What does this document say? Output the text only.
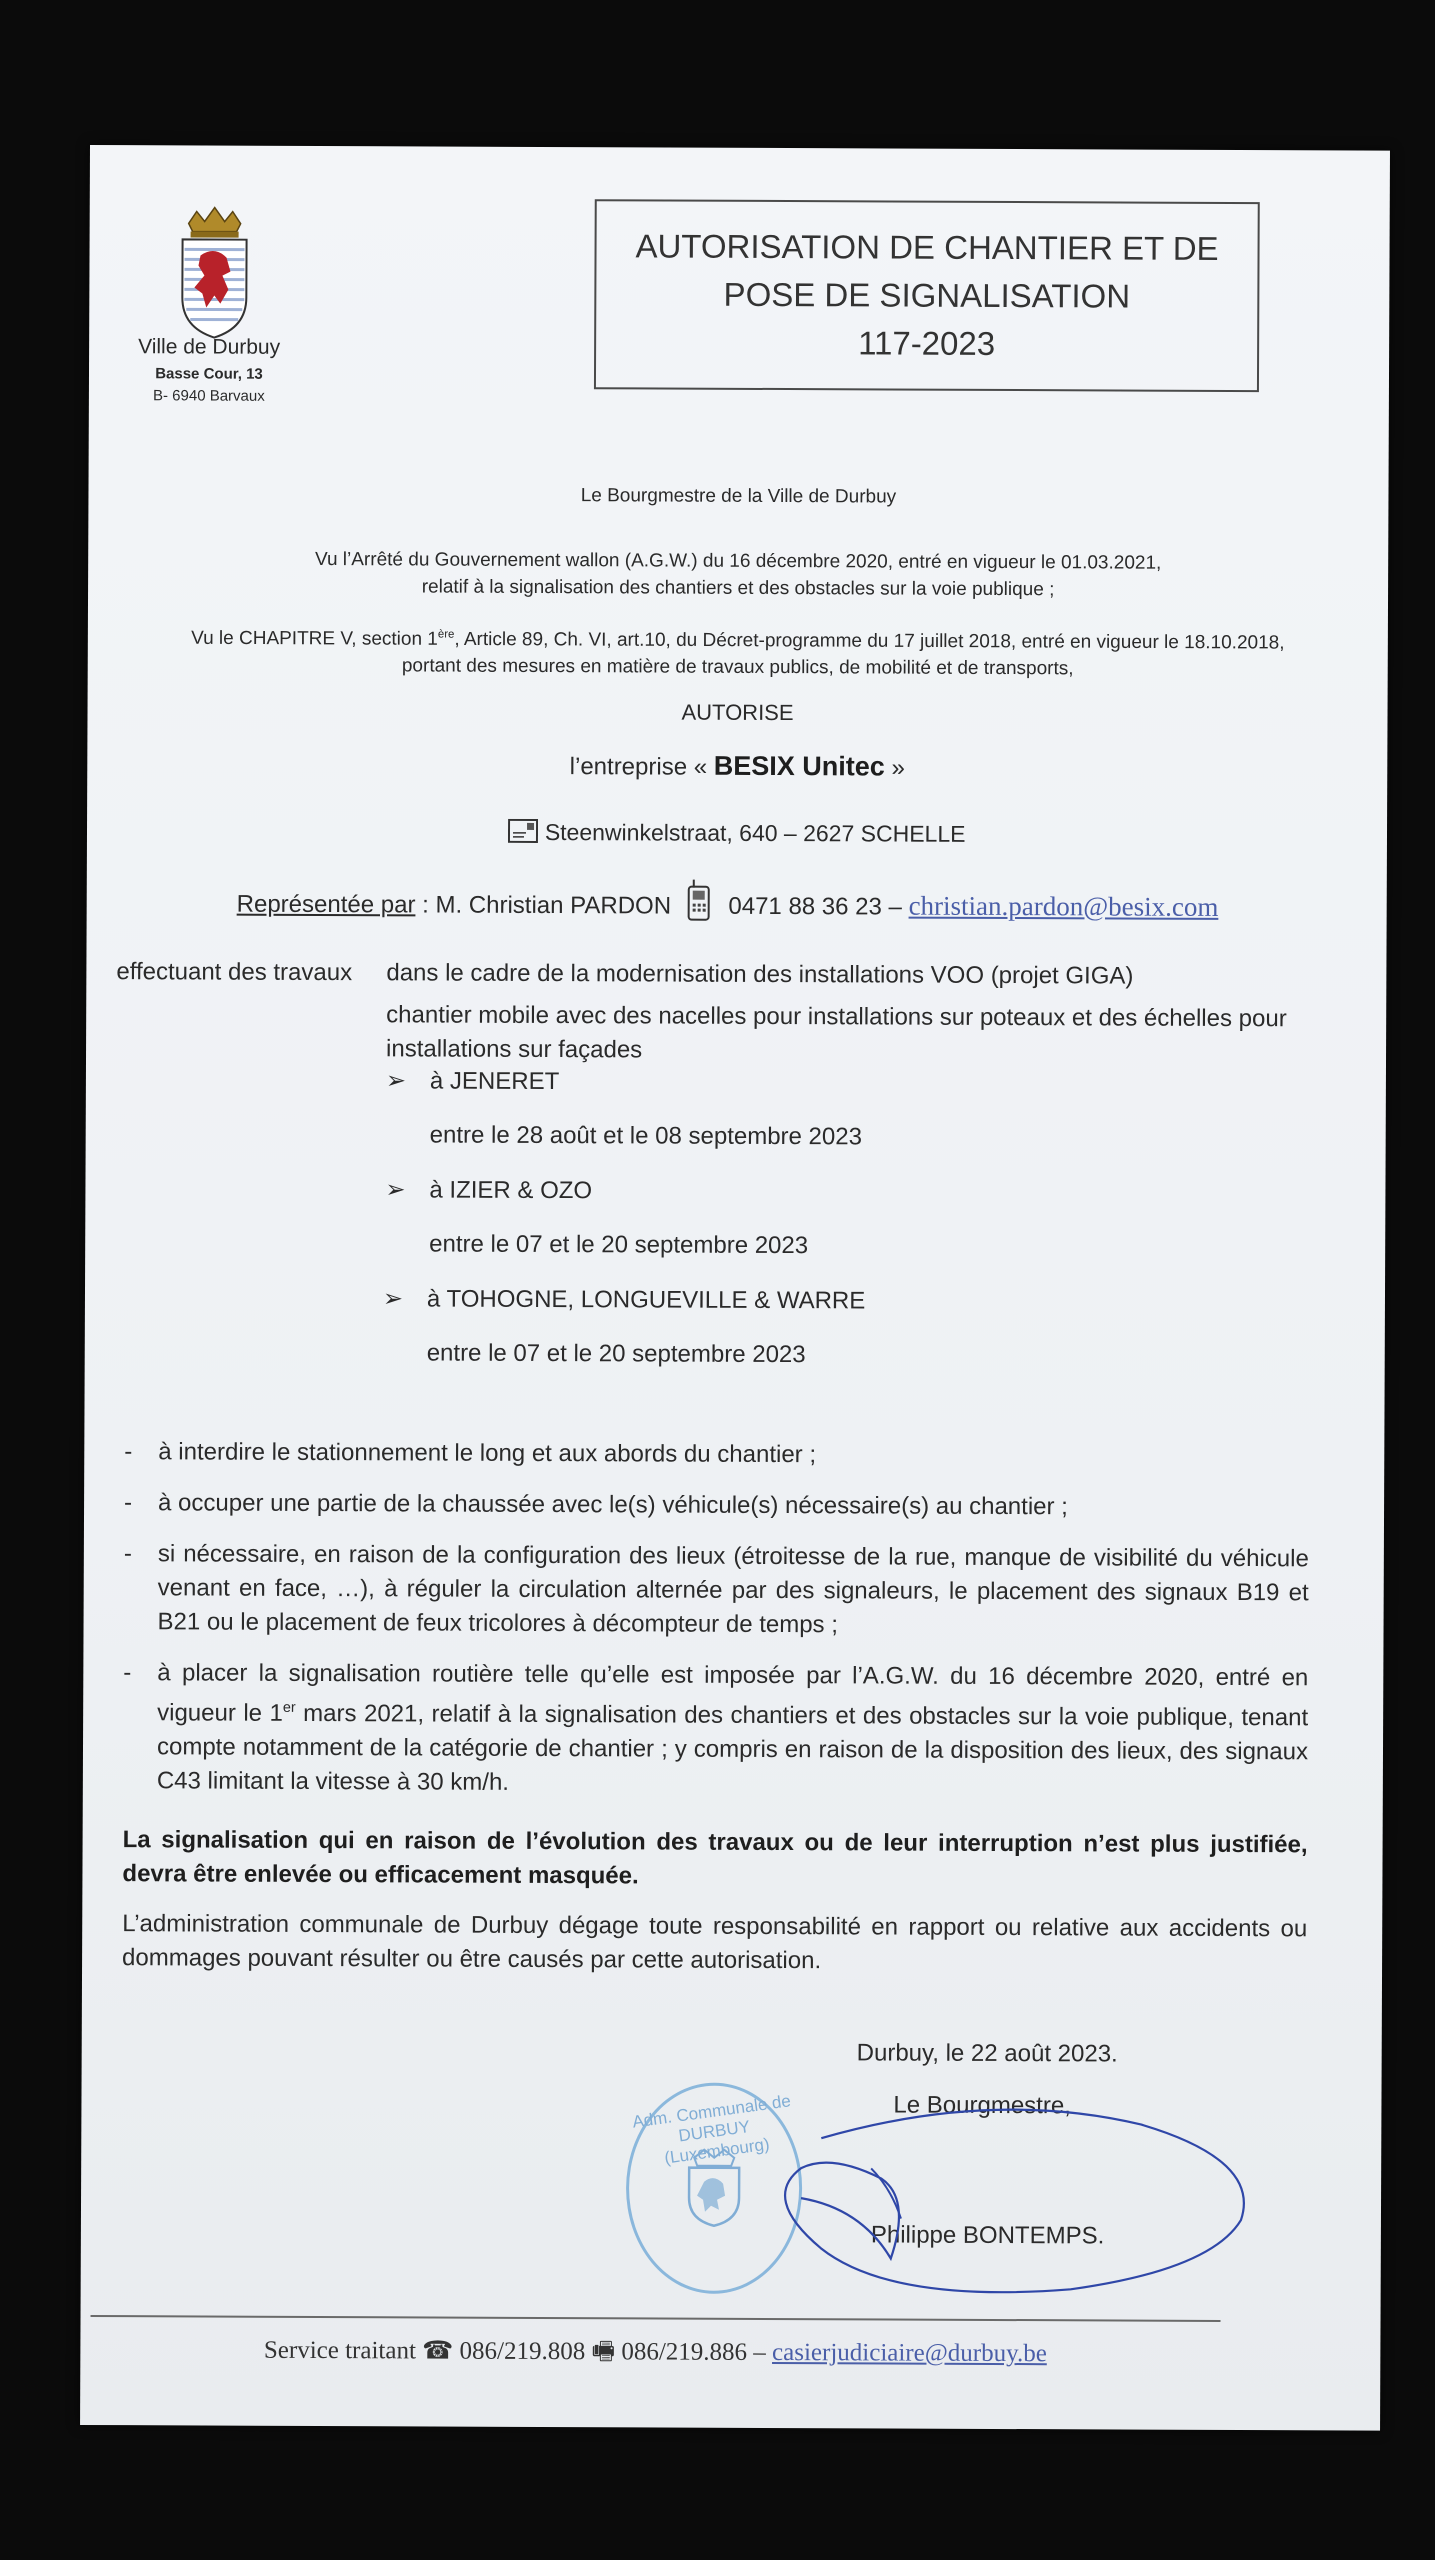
Ville de Durbuy
Basse Cour, 13
B- 6940 Barvaux
AUTORISATION DE CHANTIER ET DE
POSE DE SIGNALISATION
117-2023
Le Bourgmestre de la Ville de Durbuy
Vu l’Arrêté du Gouvernement wallon (A.G.W.) du 16 décembre 2020, entré en vigueur le 01.03.2021,
relatif à la signalisation des chantiers et des obstacles sur la voie publique ;
Vu le CHAPITRE V, section 1ère, Article 89, Ch. VI, art.10, du Décret-programme du 17 juillet 2018, entré en vigueur le 18.10.2018,
portant des mesures en matière de travaux publics, de mobilité et de transports,
AUTORISE
l’entreprise « BESIX Unitec »
Steenwinkelstraat, 640 – 2627 SCHELLE
Représentée par : M. Christian PARDON 0471 88 36 23 – christian.pardon@besix.com
effectuant des travaux dans le cadre de la modernisation des installations VOO (projet GIGA)
chantier mobile avec des nacelles pour installations sur poteaux et des échelles pour
installations sur façades
➢ à JENERET
entre le 28 août et le 08 septembre 2023
➢ à IZIER & OZO
entre le 07 et le 20 septembre 2023
➢ à TOHOGNE, LONGUEVILLE & WARRE
entre le 07 et le 20 septembre 2023
- à interdire le stationnement le long et aux abords du chantier ;
- à occuper une partie de la chaussée avec le(s) véhicule(s) nécessaire(s) au chantier ;
- si nécessaire, en raison de la configuration des lieux (étroitesse de la rue, manque de visibilité du véhicule venant en face, …), à réguler la circulation alternée par des signaleurs, le placement des signaux B19 et B21 ou le placement de feux tricolores à décompteur de temps ;
- à placer la signalisation routière telle qu’elle est imposée par l’A.G.W. du 16 décembre 2020, entré en vigueur le 1er mars 2021, relatif à la signalisation des chantiers et des obstacles sur la voie publique, tenant compte notamment de la catégorie de chantier ; y compris en raison de la disposition des lieux, des signaux C43 limitant la vitesse à 30 km/h.
La signalisation qui en raison de l’évolution des travaux ou de leur interruption n’est plus justifiée, devra être enlevée ou efficacement masquée.
L’administration communale de Durbuy dégage toute responsabilité en rapport ou relative aux accidents ou dommages pouvant résulter ou être causés par cette autorisation.
Durbuy, le 22 août 2023.
Le Bourgmestre,
Philippe BONTEMPS.
Adm. Communale de DURBUY (Luxembourg)
Service traitant ☎ 086/219.808 🖷 086/219.886 – casierjudiciaire@durbuy.be
